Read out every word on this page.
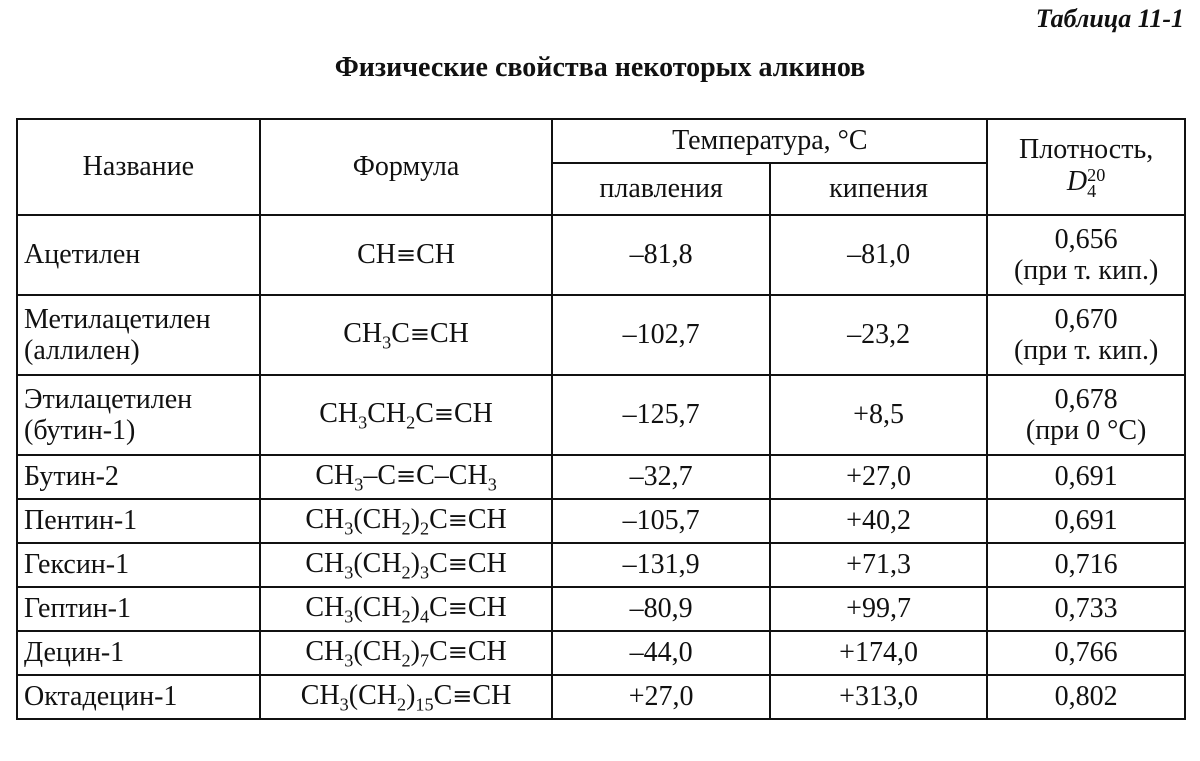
Таблица 11-1
Физические свойства некоторых алкинов
Название	Формула	Температура, °C		Плотность,
D20
4
		плавления	кипения	

Ацетилен	CH≡CH	–81,8	–81,0	0,656
(при т. кип.)

Метилацетилен
(аллилен)	$CH_3C\equiv CH$	–102,7	–23,2	0,670
(при т. кип.)

Этилацетилен
(бутин-1)	$CH_3CH_2C\equiv CH$	–125,7	+8,5	0,678
(при 0 °C)

Бутин-2	$CH_3-C\equiv C-CH_3$	–32,7	+27,0	0,691

Пентин-1	$CH_3(CH_2)_2C\equiv CH$	–105,7	+40,2	0,691

Гексин-1	$CH_3(CH_2)_3C\equiv CH$	–131,9	+71,3	0,716

Гептин-1	$CH_3(CH_2)_4C\equiv CH$	–80,9	+99,7	0,733

Децин-1	$CH_3(CH_2)_7C\equiv CH$	–44,0	+174,0	0,766

Октадецин-1	$CH_3(CH_2)_{15}C\equiv CH$	+27,0	+313,0	0,802
